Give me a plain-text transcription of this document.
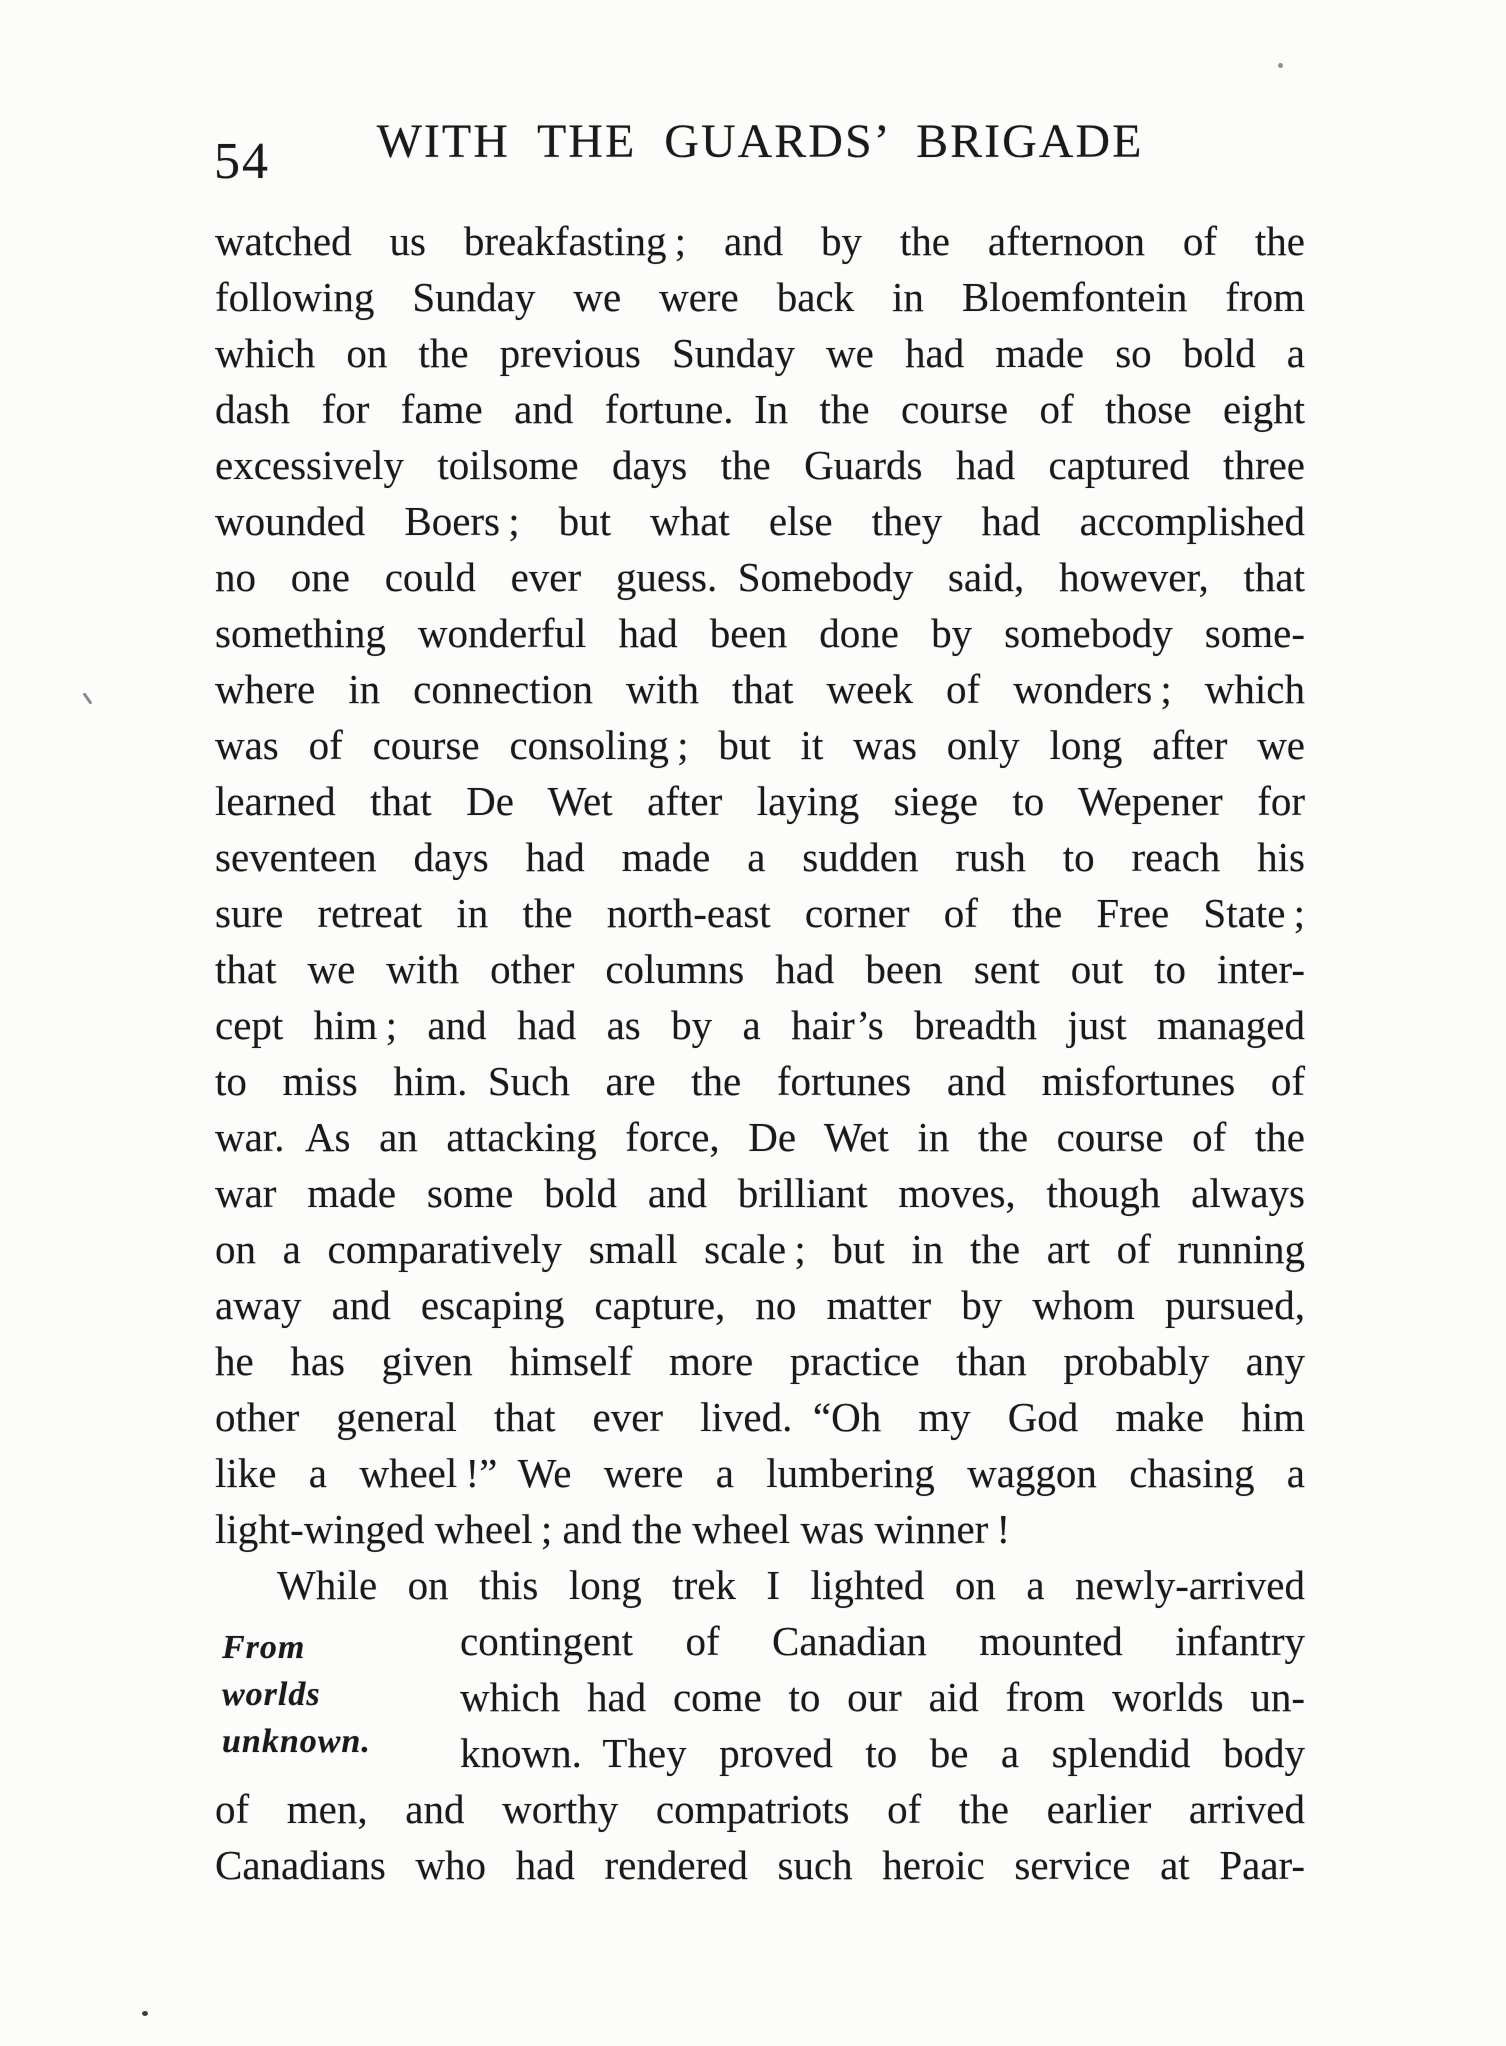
54	WITH THE GUARDS’ BRIGADE
watched us breakfasting ; and by the afternoon of the
following Sunday we were back in Bloemfontein from
which on the previous Sunday we had made so bold a
dash for fame and fortune. In the course of those eight
excessively toilsome days the Guards had captured three
wounded Boers ; but what else they had accomplished
no one could ever guess. Somebody said, however, that
something wonderful had been done by somebody some-
where in connection with that week of wonders ; which
was of course consoling ; but it was only long after we
learned that De Wet after laying siege to Wepener for
seventeen days had made a sudden rush to reach his
sure retreat in the north-east corner of the Free State ;
that we with other columns had been sent out to inter-
cept him ; and had as by a hair’s breadth just managed
to miss him. Such are the fortunes and misfortunes of
war. As an attacking force, De Wet in the course of the
war made some bold and brilliant moves, though always
on a comparatively small scale ; but in the art of running
away and escaping capture, no matter by whom pursued,
he has given himself more practice than probably any
other general that ever lived. “Oh my God make him
like a wheel !” We were a lumbering waggon chasing a
light-winged wheel ; and the wheel was winner !
While on this long trek I lighted on a newly-arrived
contingent of Canadian mounted infantry
which had come to our aid from worlds un-
known. They proved to be a splendid body
of men, and worthy compatriots of the earlier arrived
Canadians who had rendered such heroic service at Paar-
From
worlds
unknown.
